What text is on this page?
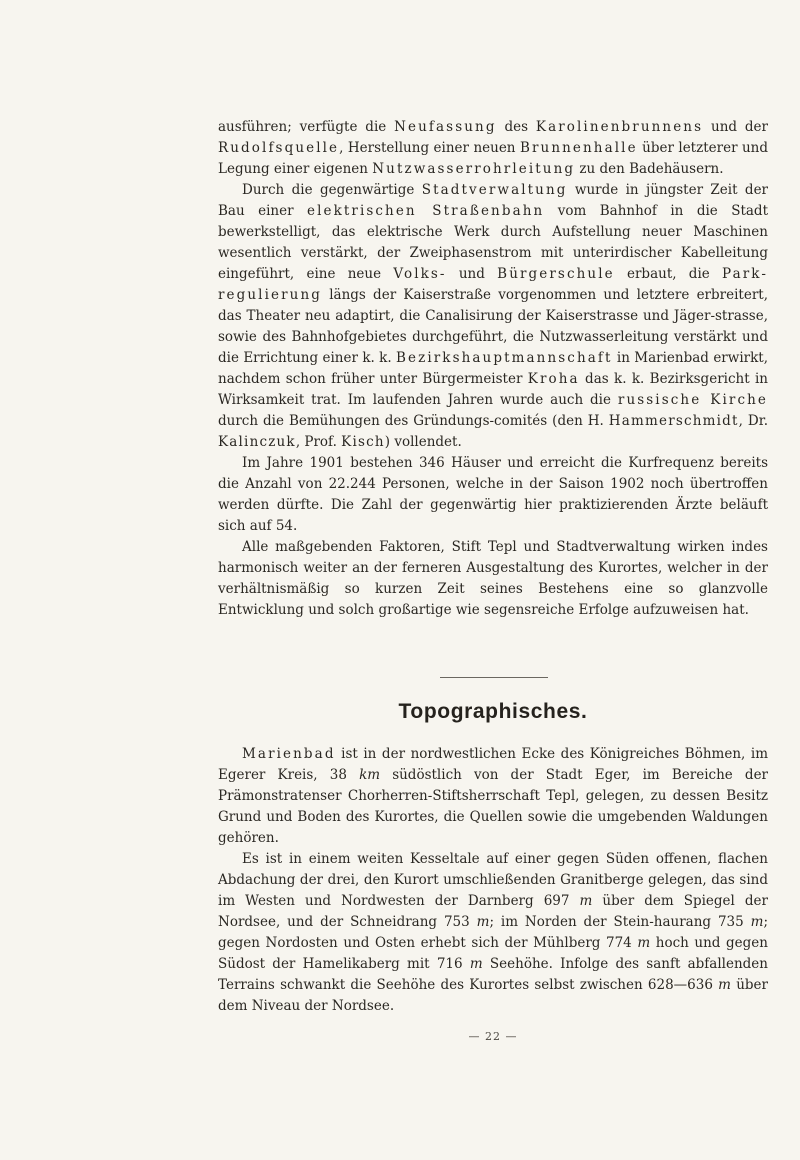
ausführen; verfügte die Neufassung des Karolinenbrunnens und der Rudolfsquelle, Herstellung einer neuen Brunnenhalle über letzterer und Legung einer eigenen Nutzwasserrohrleitung zu den Badehäusern.

Durch die gegenwärtige Stadtverwaltung wurde in jüngster Zeit der Bau einer elektrischen Straßenbahn vom Bahnhof in die Stadt bewerkstelligt, das elektrische Werk durch Aufstellung neuer Maschinen wesentlich verstärkt, der Zweiphasenstrom mit unterirdischer Kabelleitung eingeführt, eine neue Volks- und Bürgerschule erbaut, die Park-regulierung längs der Kaiserstraße vorgenommen und letztere erbreitert, das Theater neu adaptirt, die Canalisirung der Kaiserstrasse und Jäger-strasse, sowie des Bahnhofgebietes durchgeführt, die Nutzwasserleitung verstärkt und die Errichtung einer k. k. Bezirkshauptmannschaft in Marienbad erwirkt, nachdem schon früher unter Bürgermeister Kroha das k. k. Bezirksgericht in Wirksamkeit trat. Im laufenden Jahren wurde auch die russische Kirche durch die Bemühungen des Gründungs-comités (den H. Hammerschmidt, Dr. Kalinczuk, Prof. Kisch) vollendet.

Im Jahre 1901 bestehen 346 Häuser und erreicht die Kurfrequenz bereits die Anzahl von 22.244 Personen, welche in der Saison 1902 noch übertroffen werden dürfte. Die Zahl der gegenwärtig hier praktizierenden Ärzte beläuft sich auf 54.

Alle maßgebenden Faktoren, Stift Tepl und Stadtverwaltung wirken indes harmonisch weiter an der ferneren Ausgestaltung des Kurortes, welcher in der verhältnismäßig so kurzen Zeit seines Bestehens eine so glanzvolle Entwicklung und solch großartige wie segensreiche Erfolge aufzuweisen hat.

Topographisches.

Marienbad ist in der nordwestlichen Ecke des Königreiches Böhmen, im Egerer Kreis, 38 km südöstlich von der Stadt Eger, im Bereiche der Prämonstratenser Chorherren-Stiftsherrschaft Tepl, gelegen, zu dessen Besitz Grund und Boden des Kurortes, die Quellen sowie die umgebenden Waldungen gehören.

Es ist in einem weiten Kesseltale auf einer gegen Süden offenen, flachen Abdachung der drei, den Kurort umschließenden Granitberge gelegen, das sind im Westen und Nordwesten der Darnberg 697 m über dem Spiegel der Nordsee, und der Schneidrang 753 m; im Norden der Stein-haurang 735 m; gegen Nordosten und Osten erhebt sich der Mühlberg 774 m hoch und gegen Südost der Hamelikaberg mit 716 m Seehöhe. Infolge des sanft abfallenden Terrains schwankt die Seehöhe des Kurortes selbst zwischen 628—636 m über dem Niveau der Nordsee.

— 22 —
